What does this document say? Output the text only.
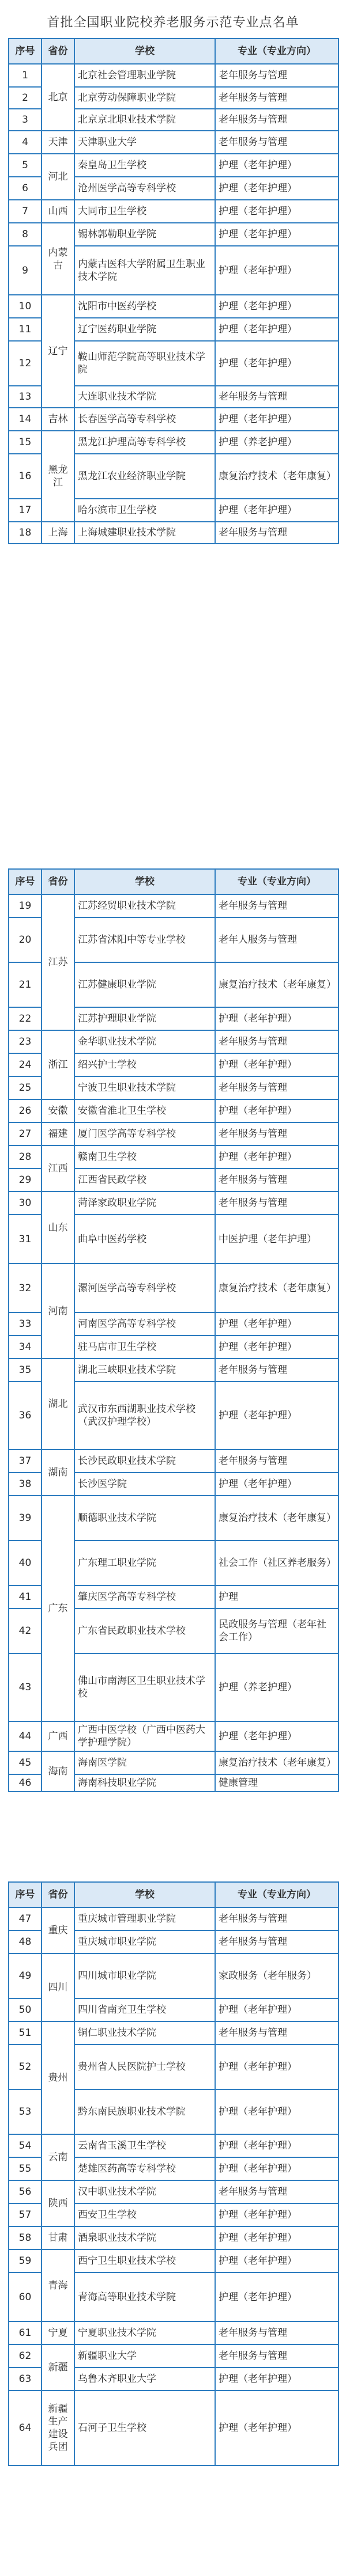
首批全国职业院校养老服务示范专业点名单
序号	省份	学校	专业（专业方向）
1	北京	北京社会管理职业学院	老年服务与管理
2		北京劳动保障职业学院	老年服务与管理
3		北京京北职业技术学院	老年服务与管理
4	天津	天津职业大学	老年服务与管理
5	河北	秦皇岛卫生学校	护理（老年护理）
6		沧州医学高等专科学校	护理（老年护理）
7	山西	大同市卫生学校	护理（老年护理）
8	内蒙古	锡林郭勒职业学院	护理（老年护理）
9		内蒙古医科大学附属卫生职业技术学院	护理（老年护理）
10	辽宁	沈阳市中医药学校	护理（老年护理）
11		辽宁医药职业学院	护理（老年护理）
12		鞍山师范学院高等职业技术学院	护理（老年护理）
13		大连职业技术学院	老年服务与管理
14	吉林	长春医学高等专科学校	护理（老年护理）
15	黑龙江	黑龙江护理高等专科学校	护理（养老护理）
16		黑龙江农业经济职业学院	康复治疗技术（老年康复）
17		哈尔滨市卫生学校	护理（老年护理）
18	上海	上海城建职业技术学院	老年服务与管理
序号	省份	学校	专业（专业方向）
19	江苏	江苏经贸职业技术学院	老年服务与管理
20		江苏省沭阳中等专业学校	老年人服务与管理
21		江苏健康职业学院	康复治疗技术（老年康复）
22		江苏护理职业学院	护理（老年护理）
23	浙江	金华职业技术学院	老年服务与管理
24		绍兴护士学校	护理（老年护理）
25		宁波卫生职业技术学院	老年服务与管理
26	安徽	安徽省淮北卫生学校	护理（老年护理）
27	福建	厦门医学高等专科学校	老年服务与管理
28	江西	赣南卫生学校	护理（老年护理）
29		江西省民政学校	老年服务与管理
30	山东	菏泽家政职业学院	老年服务与管理
31		曲阜中医药学校	中医护理（老年护理）
32	河南	漯河医学高等专科学校	康复治疗技术（老年康复）
33		河南医学高等专科学校	护理（老年护理）
34		驻马店市卫生学校	护理（老年护理）
35	湖北	湖北三峡职业技术学院	老年服务与管理
36		武汉市东西湖职业技术学校（武汉护理学校）	护理（老年护理）
37	湖南	长沙民政职业技术学院	老年服务与管理
38		长沙医学院	护理（老年护理）
39	广东	顺德职业技术学院	康复治疗技术（老年康复）
40		广东理工职业学院	社会工作（社区养老服务）
41		肇庆医学高等专科学校	护理
42		广东省民政职业技术学校	民政服务与管理（老年社会工作）
43		佛山市南海区卫生职业技术学校	护理（养老护理）
44	广西	广西中医学校（广西中医药大学护理学院）	护理（老年护理）
45	海南	海南医学院	康复治疗技术（老年康复）
46		海南科技职业学院	健康管理
序号	省份	学校	专业（专业方向）
47	重庆	重庆城市管理职业学院	老年服务与管理
48		重庆城市职业学院	老年服务与管理
49	四川	四川城市职业学院	家政服务（老年服务）
50		四川省南充卫生学校	护理（老年护理）
51	贵州	铜仁职业技术学院	老年服务与管理
52		贵州省人民医院护士学校	护理（老年护理）
53		黔东南民族职业技术学院	护理（老年护理）
54	云南	云南省玉溪卫生学校	护理（老年护理）
55		楚雄医药高等专科学校	护理（老年护理）
56	陕西	汉中职业技术学院	老年服务与管理
57		西安卫生学校	护理（老年护理）
58	甘肃	酒泉职业技术学院	护理（老年护理）
59	青海	西宁卫生职业技术学校	护理（老年护理）
60		青海高等职业技术学院	护理（老年护理）
61	宁夏	宁夏职业技术学院	老年服务与管理
62	新疆	新疆职业大学	老年服务与管理
63		乌鲁木齐职业大学	护理（老年护理）
64	新疆生产建设兵团	石河子卫生学校	护理（老年护理）
